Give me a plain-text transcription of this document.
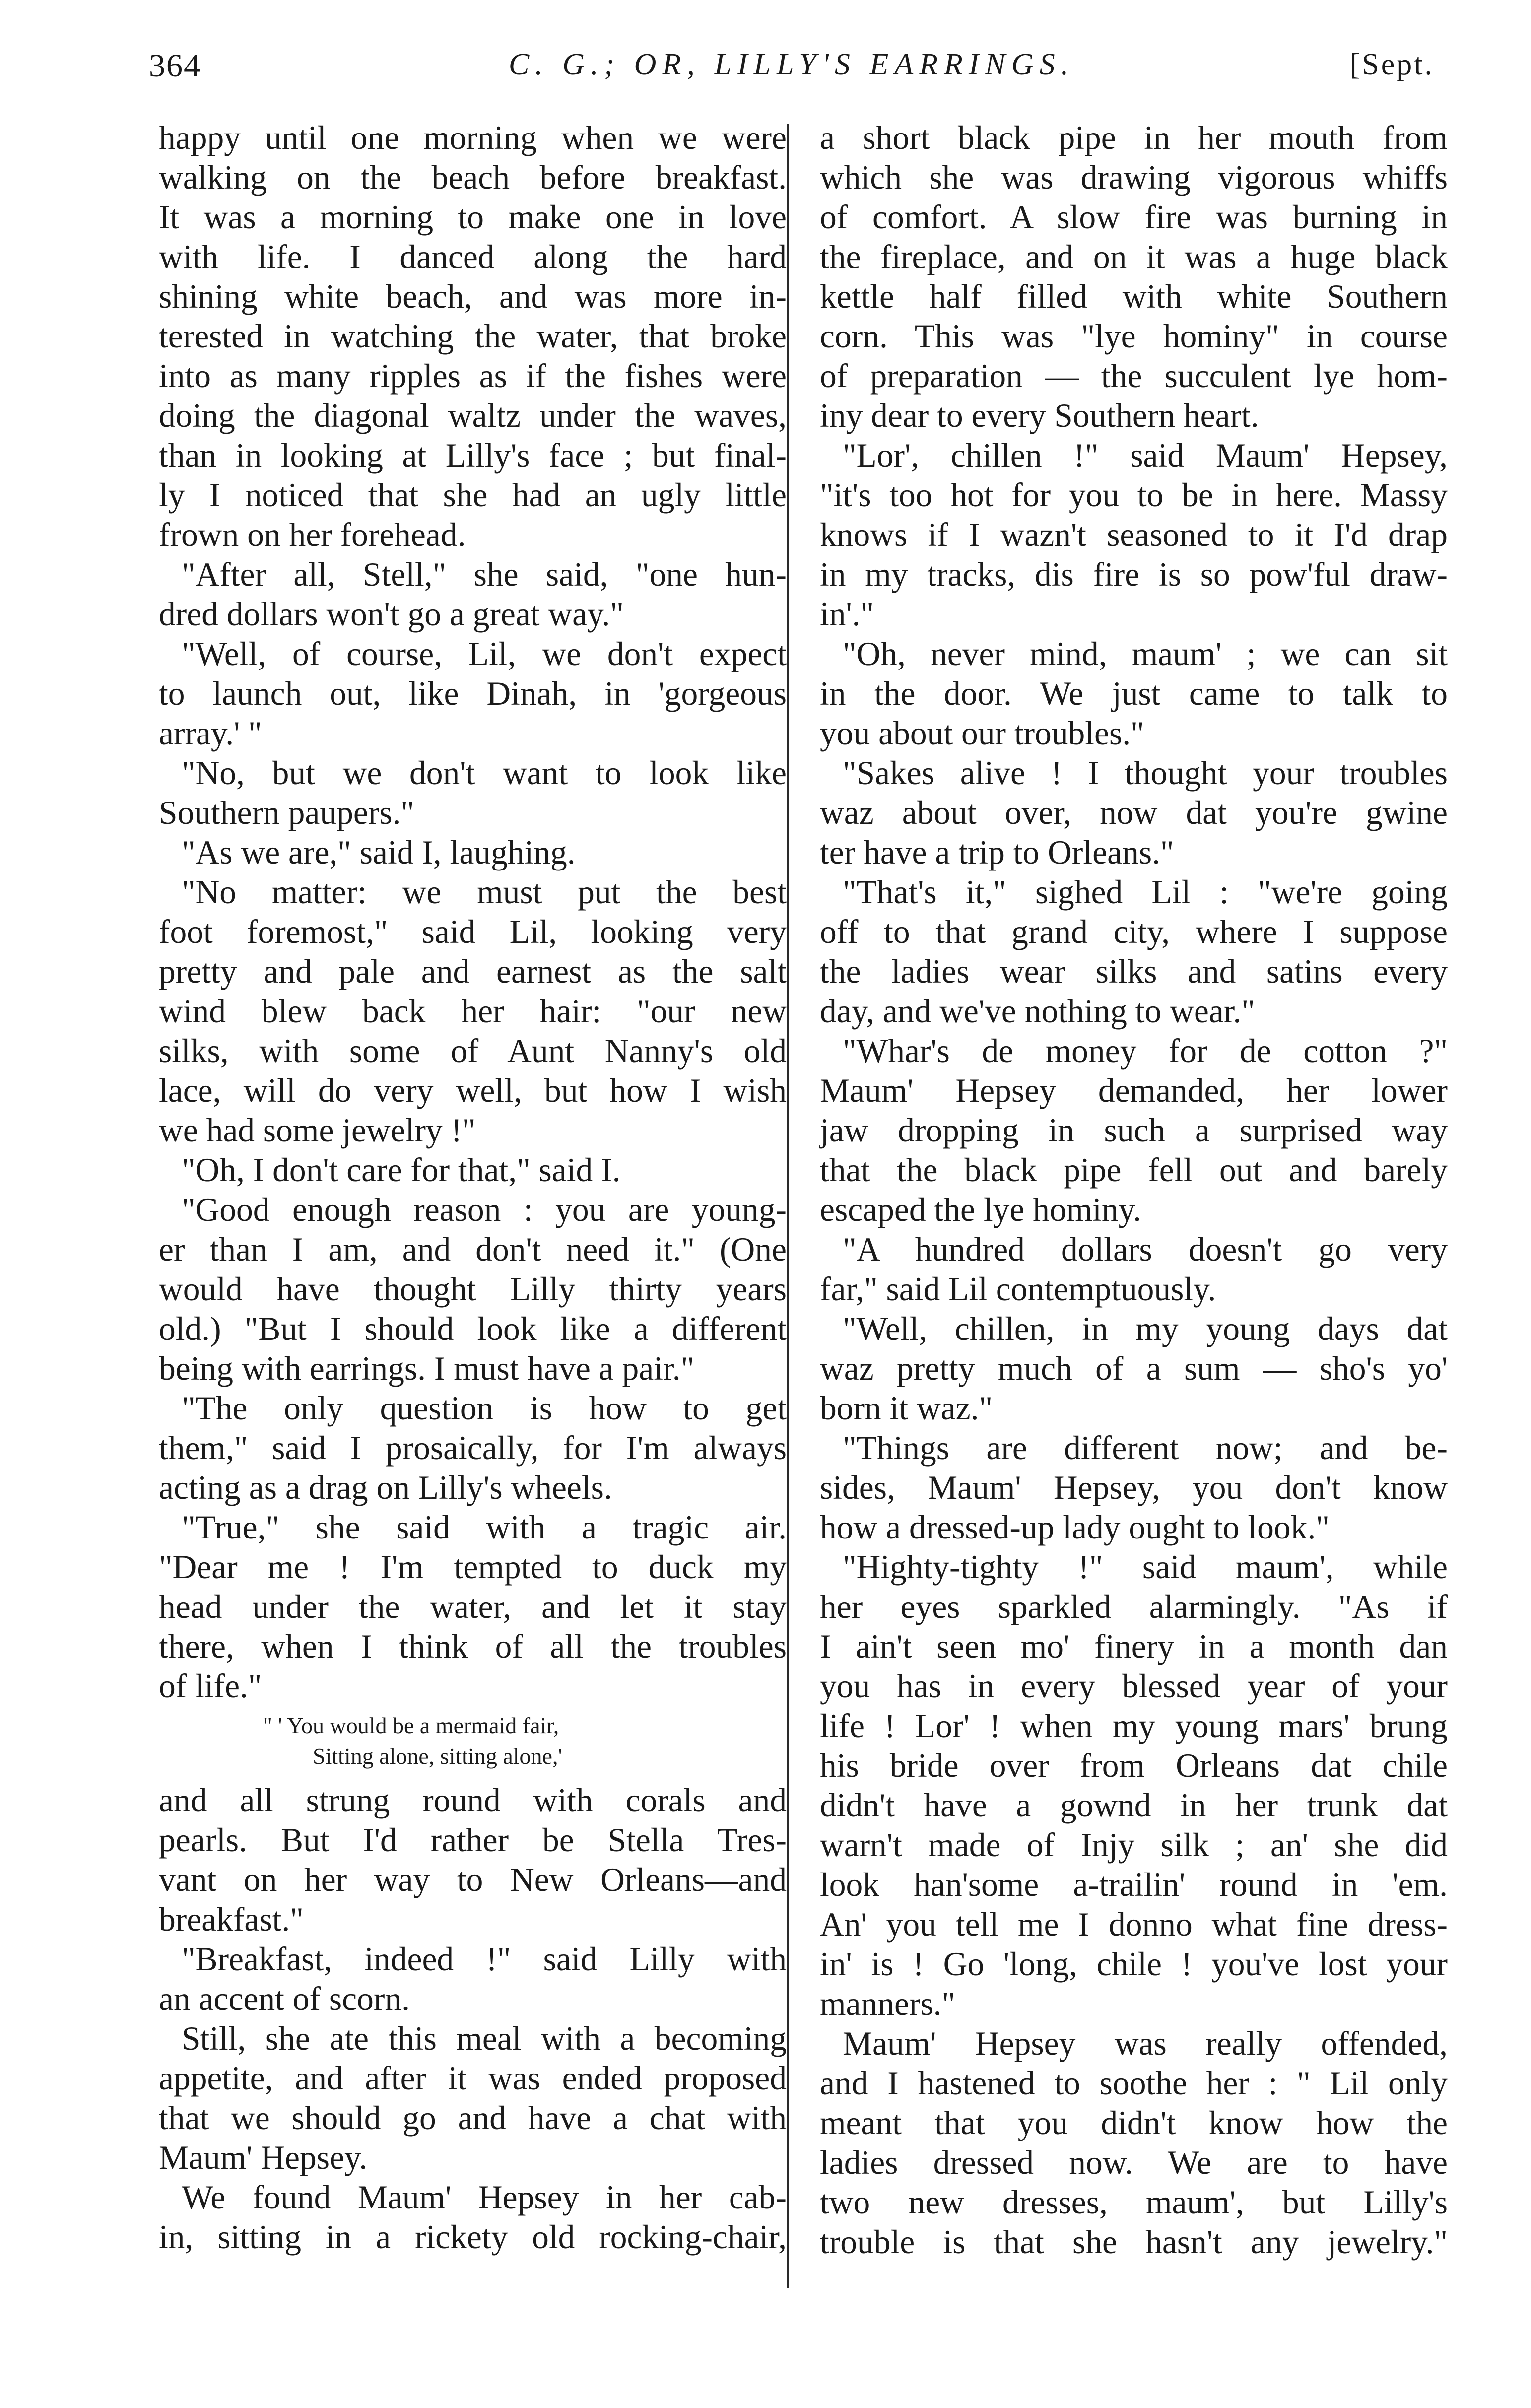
364	C. G.; OR, LILLY'S EARRINGS.	[Sept.
happy until one morning when we were
walking on the beach before breakfast.
It was a morning to make one in love
with life. I danced along the hard
shining white beach, and was more in-
terested in watching the water, that broke
into as many ripples as if the fishes were
doing the diagonal waltz under the waves,
than in looking at Lilly's face ; but final-
ly I noticed that she had an ugly little
frown on her forehead.
"After all, Stell," she said, "one hun-
dred dollars won't go a great way."
"Well, of course, Lil, we don't expect
to launch out, like Dinah, in 'gorgeous
array.' "
"No, but we don't want to look like
Southern paupers."
"As we are," said I, laughing.
"No matter: we must put the best
foot foremost," said Lil, looking very
pretty and pale and earnest as the salt
wind blew back her hair: "our new
silks, with some of Aunt Nanny's old
lace, will do very well, but how I wish
we had some jewelry !"
"Oh, I don't care for that," said I.
"Good enough reason : you are young-
er than I am, and don't need it." (One
would have thought Lilly thirty years
old.) "But I should look like a different
being with earrings. I must have a pair."
"The only question is how to get
them," said I prosaically, for I'm always
acting as a drag on Lilly's wheels.
"True," she said with a tragic air.
"Dear me ! I'm tempted to duck my
head under the water, and let it stay
there, when I think of all the troubles
of life."
" ' You would be a mermaid fair,
Sitting alone, sitting alone,'
and all strung round with corals and
pearls. But I'd rather be Stella Tres-
vant on her way to New Orleans—and
breakfast."
"Breakfast, indeed !" said Lilly with
an accent of scorn.
Still, she ate this meal with a becoming
appetite, and after it was ended proposed
that we should go and have a chat with
Maum' Hepsey.
We found Maum' Hepsey in her cab-
in, sitting in a rickety old rocking-chair,
a short black pipe in her mouth from
which she was drawing vigorous whiffs
of comfort. A slow fire was burning in
the fireplace, and on it was a huge black
kettle half filled with white Southern
corn. This was "lye hominy" in course
of preparation — the succulent lye hom-
iny dear to every Southern heart.
"Lor', chillen !" said Maum' Hepsey,
"it's too hot for you to be in here. Massy
knows if I wazn't seasoned to it I'd drap
in my tracks, dis fire is so pow'ful draw-
in'."
"Oh, never mind, maum' ; we can sit
in the door. We just came to talk to
you about our troubles."
"Sakes alive ! I thought your troubles
waz about over, now dat you're gwine
ter have a trip to Orleans."
"That's it," sighed Lil : "we're going
off to that grand city, where I suppose
the ladies wear silks and satins every
day, and we've nothing to wear."
"Whar's de money for de cotton ?"
Maum' Hepsey demanded, her lower
jaw dropping in such a surprised way
that the black pipe fell out and barely
escaped the lye hominy.
"A hundred dollars doesn't go very
far," said Lil contemptuously.
"Well, chillen, in my young days dat
waz pretty much of a sum — sho's yo'
born it waz."
"Things are different now; and be-
sides, Maum' Hepsey, you don't know
how a dressed-up lady ought to look."
"Highty-tighty !" said maum', while
her eyes sparkled alarmingly. "As if
I ain't seen mo' finery in a month dan
you has in every blessed year of your
life ! Lor' ! when my young mars' brung
his bride over from Orleans dat chile
didn't have a gownd in her trunk dat
warn't made of Injy silk ; an' she did
look han'some a-trailin' round in 'em.
An' you tell me I donno what fine dress-
in' is ! Go 'long, chile ! you've lost your
manners."
Maum' Hepsey was really offended,
and I hastened to soothe her : " Lil only
meant that you didn't know how the
ladies dressed now. We are to have
two new dresses, maum', but Lilly's
trouble is that she hasn't any jewelry."
